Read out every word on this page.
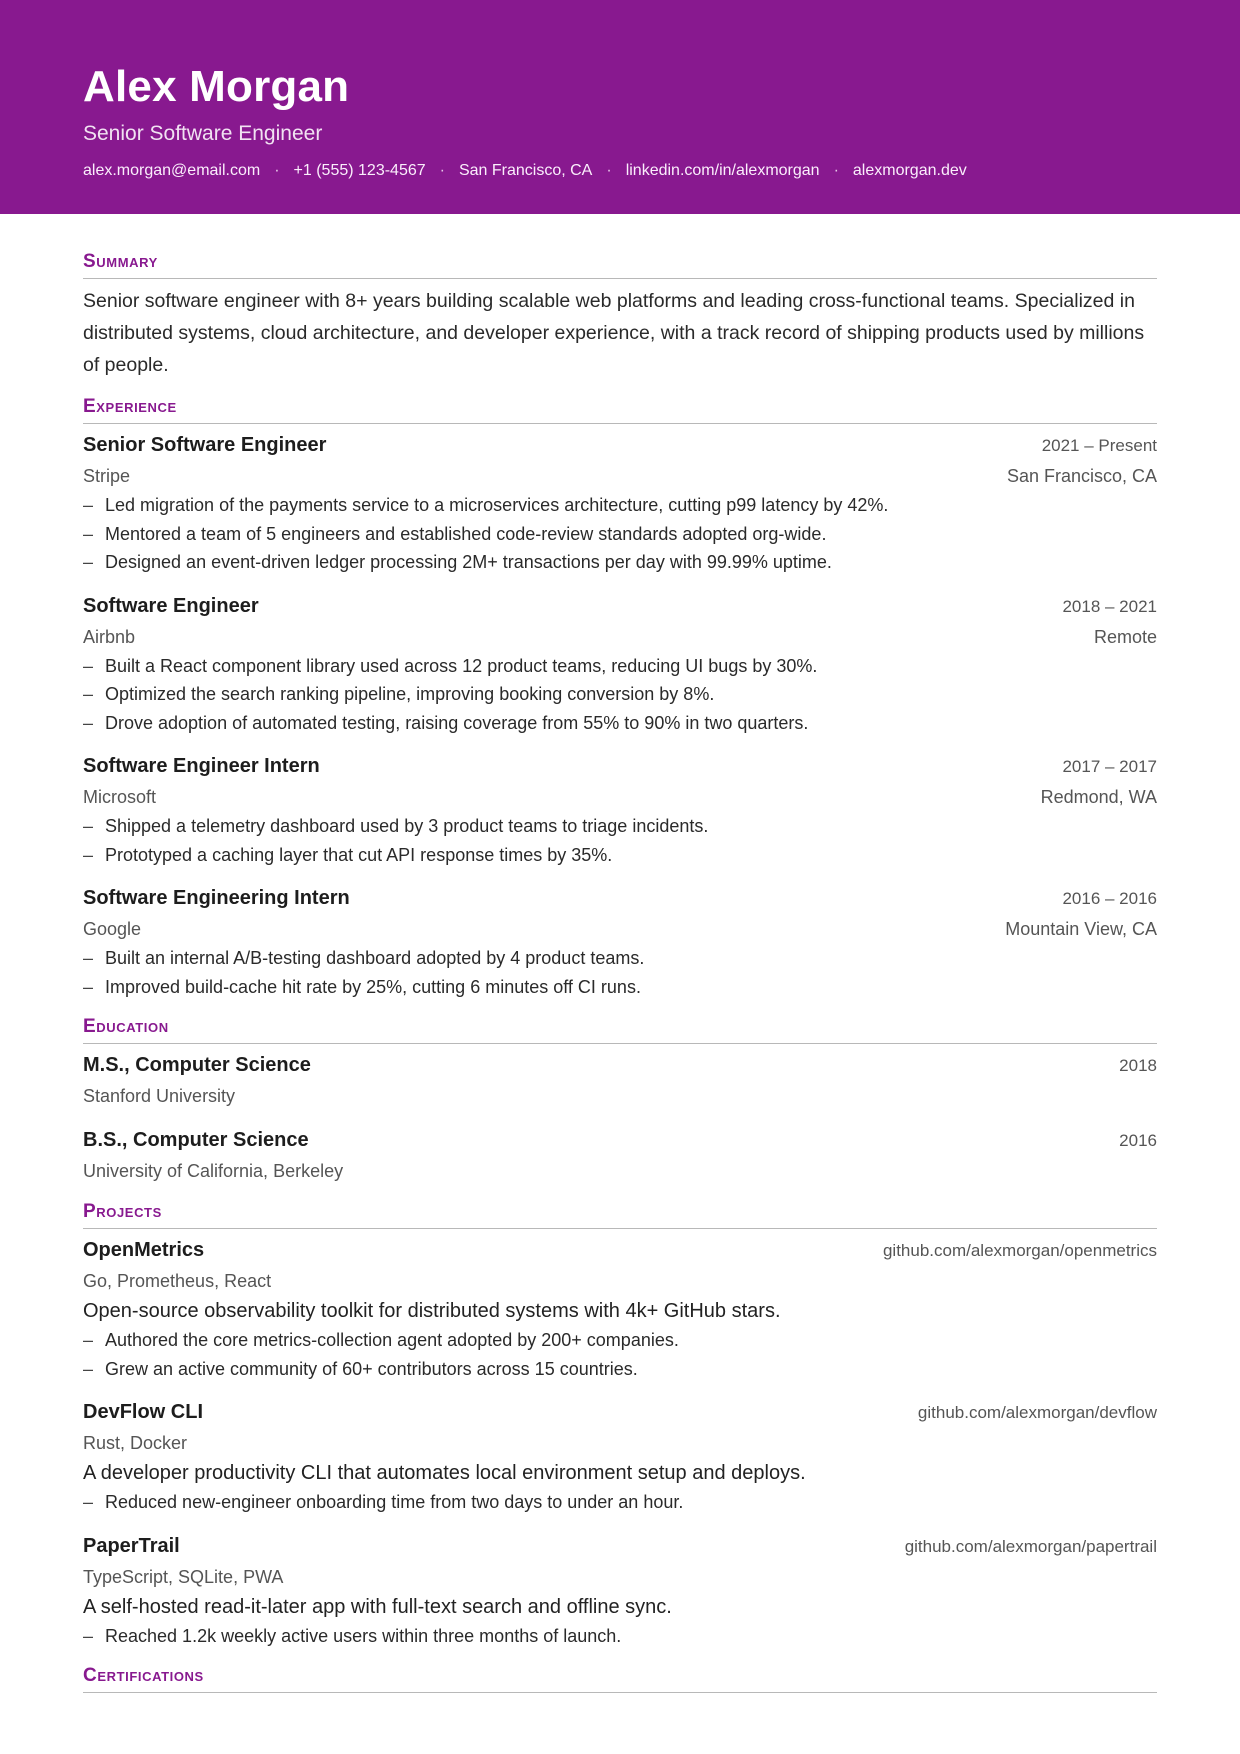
Alex Morgan
Senior Software Engineer
alex.morgan@email.com · +1 (555) 123-4567 · San Francisco, CA · linkedin.com/in/alexmorgan · alexmorgan.dev
Summary

Senior software engineer with 8+ years building scalable web platforms and leading cross-functional teams. Specialized in distributed systems, cloud architecture, and developer experience, with a track record of shipping products used by millions of people.

Experience
Senior Software Engineer	2021 – Present
Stripe	San Francisco, CA
– Led migration of the payments service to a microservices architecture, cutting p99 latency by 42%.
– Mentored a team of 5 engineers and established code-review standards adopted org-wide.
– Designed an event-driven ledger processing 2M+ transactions per day with 99.99% uptime.
Software Engineer	2018 – 2021
Airbnb	Remote
– Built a React component library used across 12 product teams, reducing UI bugs by 30%.
– Optimized the search ranking pipeline, improving booking conversion by 8%.
– Drove adoption of automated testing, raising coverage from 55% to 90% in two quarters.
Software Engineer Intern	2017 – 2017
Microsoft	Redmond, WA
– Shipped a telemetry dashboard used by 3 product teams to triage incidents.
– Prototyped a caching layer that cut API response times by 35%.
Software Engineering Intern	2016 – 2016
Google	Mountain View, CA
– Built an internal A/B-testing dashboard adopted by 4 product teams.
– Improved build-cache hit rate by 25%, cutting 6 minutes off CI runs.
Education
M.S., Computer Science	2018
Stanford University
B.S., Computer Science	2016
University of California, Berkeley
Projects
OpenMetrics	github.com/alexmorgan/openmetrics
Go, Prometheus, React
Open-source observability toolkit for distributed systems with 4k+ GitHub stars.
– Authored the core metrics-collection agent adopted by 200+ companies.
– Grew an active community of 60+ contributors across 15 countries.
DevFlow CLI	github.com/alexmorgan/devflow
Rust, Docker
A developer productivity CLI that automates local environment setup and deploys.
– Reduced new-engineer onboarding time from two days to under an hour.
PaperTrail	github.com/alexmorgan/papertrail
TypeScript, SQLite, PWA
A self-hosted read-it-later app with full-text search and offline sync.
– Reached 1.2k weekly active users within three months of launch.
Certifications
